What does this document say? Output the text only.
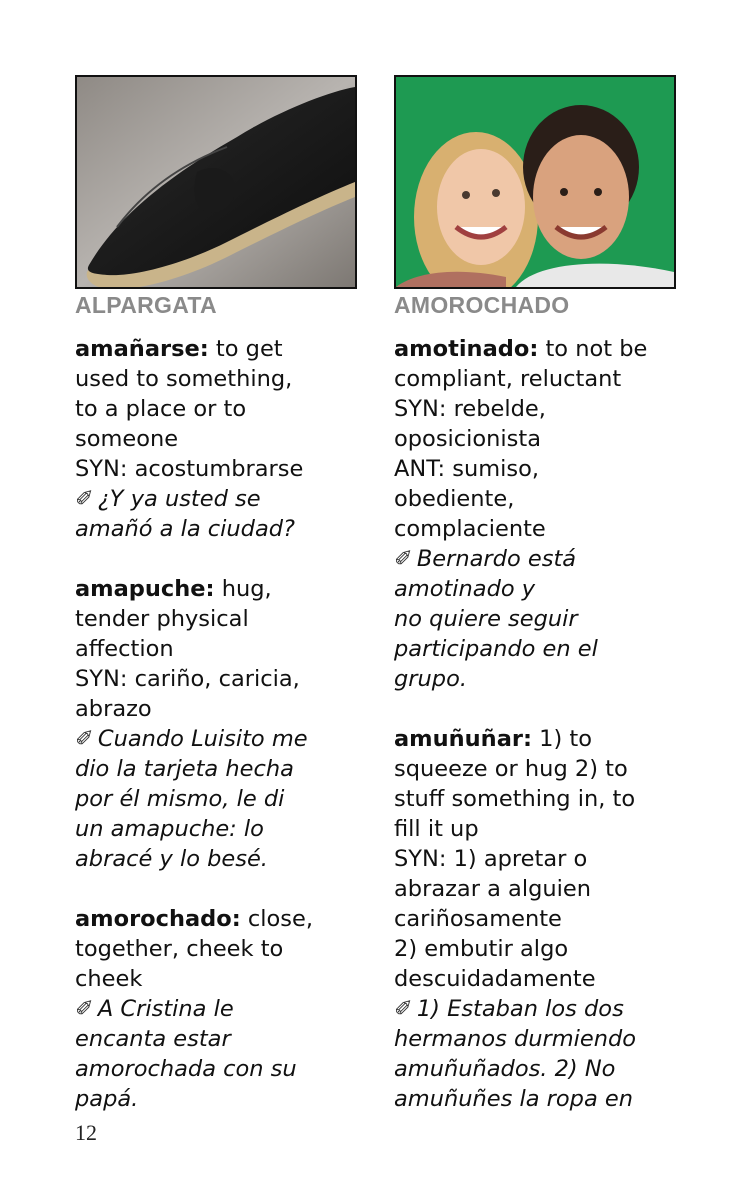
ALPARGATA
amañarse: to get
used to something,
to a place or to
someone
SYN: acostumbrarse
✐ ¿Y ya usted se
amañó a la ciudad?
amapuche: hug,
tender physical
affection
SYN: cariño, caricia,
abrazo
✐ Cuando Luisito me
dio la tarjeta hecha
por él mismo, le di
un amapuche: lo
abracé y lo besé.
amorochado: close,
together, cheek to
cheek
✐ A Cristina le
encanta estar
amorochada con su
papá.
AMOROCHADO
amotinado: to not be
compliant, reluctant
SYN: rebelde,
oposicionista
ANT: sumiso,
obediente,
complaciente
✐ Bernardo está
amotinado y
no quiere seguir
participando en el
grupo.
amuñuñar: 1) to
squeeze or hug 2) to
stuff something in, to
fill it up
SYN: 1) apretar o
abrazar a alguien
cariñosamente
2) embutir algo
descuidadamente
✐ 1) Estaban los dos
hermanos durmiendo
amuñuñados. 2) No
amuñuñes la ropa en
12
